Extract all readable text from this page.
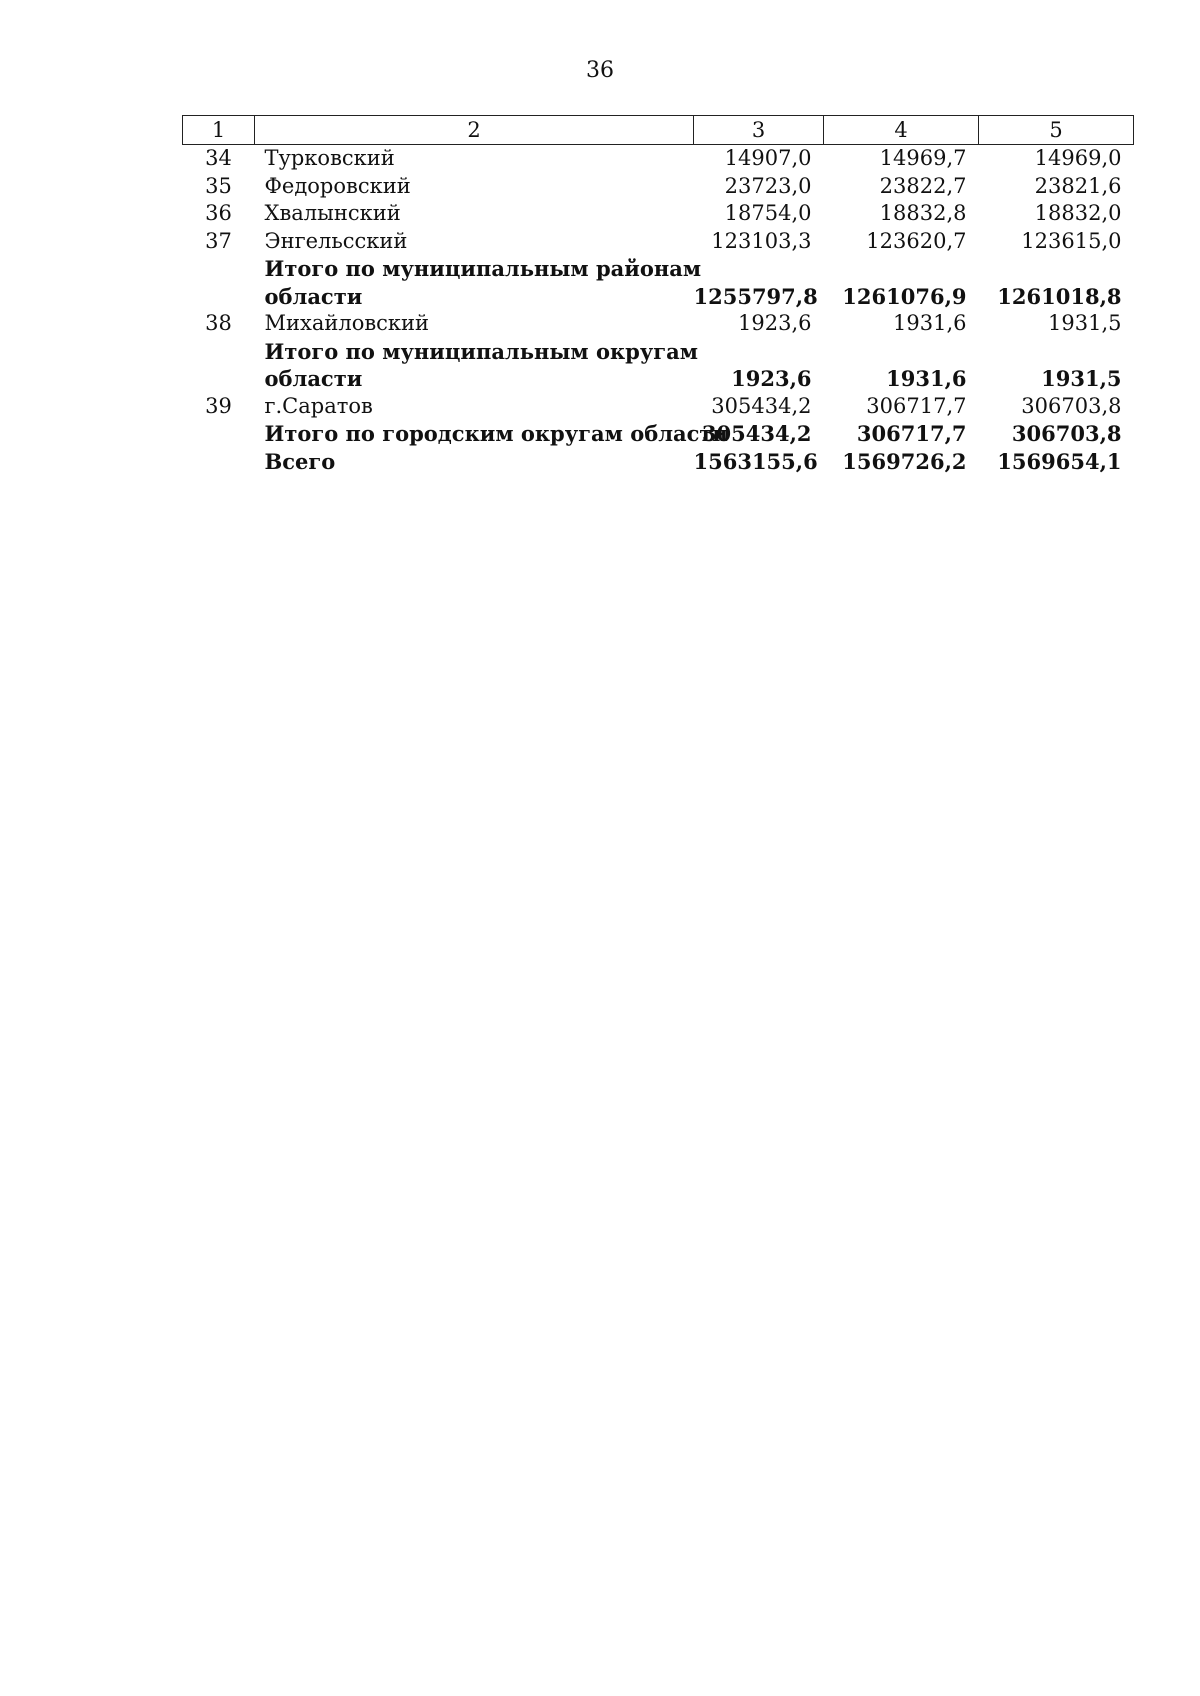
36
1	2	3	4	5
34	Турковский	14907,0	14969,7	14969,0
35	Федоровский	23723,0	23822,7	23821,6
36	Хвалынский	18754,0	18832,8	18832,0
37	Энгельсский	123103,3	123620,7	123615,0
	Итого по муниципальным районам			
	области	1255797,8	1261076,9	1261018,8
38	Михайловский	1923,6	1931,6	1931,5
	Итого по муниципальным округам			
	области	1923,6	1931,6	1931,5
39	г.Саратов	305434,2	306717,7	306703,8
	Итого по городским округам области	305434,2	306717,7	306703,8
	Всего	1563155,6	1569726,2	1569654,1
